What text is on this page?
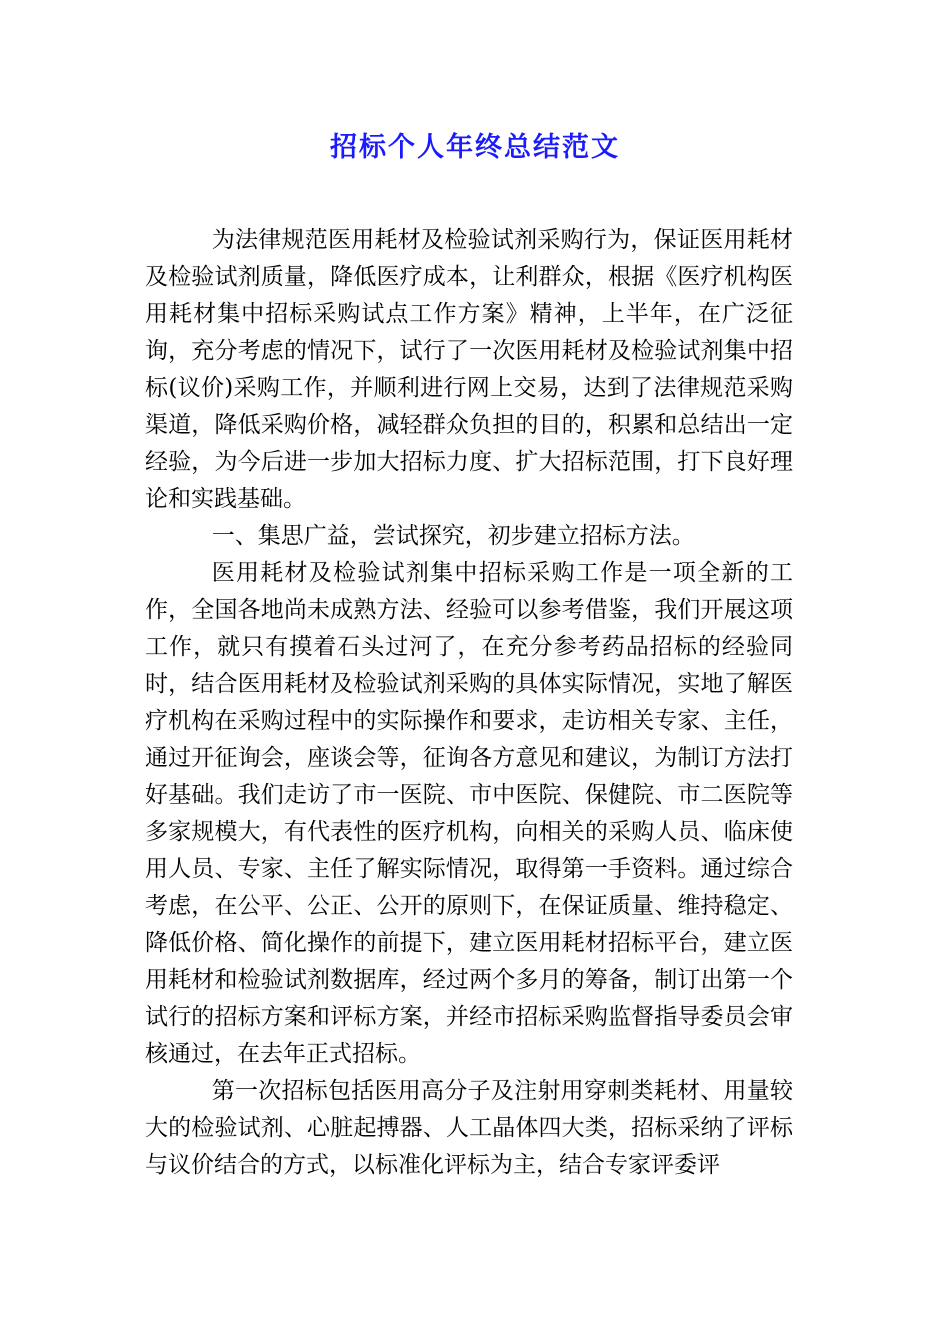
招标个人年终总结范文

为法律规范医用耗材及检验试剂采购行为，保证医用耗材及检验试剂质量，降低医疗成本，让利群众，根据《医疗机构医用耗材集中招标采购试点工作方案》精神，上半年，在广泛征询，充分考虑的情况下，试行了一次医用耗材及检验试剂集中招标(议价)采购工作，并顺利进行网上交易，达到了法律规范采购渠道，降低采购价格，减轻群众负担的目的，积累和总结出一定经验，为今后进一步加大招标力度、扩大招标范围，打下良好理论和实践基础。

一、集思广益，尝试探究，初步建立招标方法。

医用耗材及检验试剂集中招标采购工作是一项全新的工作，全国各地尚未成熟方法、经验可以参考借鉴，我们开展这项工作，就只有摸着石头过河了，在充分参考药品招标的经验同时，结合医用耗材及检验试剂采购的具体实际情况，实地了解医疗机构在采购过程中的实际操作和要求，走访相关专家、主任，通过开征询会，座谈会等，征询各方意见和建议，为制订方法打好基础。我们走访了市一医院、市中医院、保健院、市二医院等多家规模大，有代表性的医疗机构，向相关的采购人员、临床使用人员、专家、主任了解实际情况，取得第一手资料。通过综合考虑，在公平、公正、公开的原则下，在保证质量、维持稳定、降低价格、简化操作的前提下，建立医用耗材招标平台，建立医用耗材和检验试剂数据库，经过两个多月的筹备，制订出第一个试行的招标方案和评标方案，并经市招标采购监督指导委员会审核通过，在去年正式招标。

第一次招标包括医用高分子及注射用穿刺类耗材、用量较大的检验试剂、心脏起搏器、人工晶体四大类，招标采纳了评标与议价结合的方式，以标准化评标为主，结合专家评委评
